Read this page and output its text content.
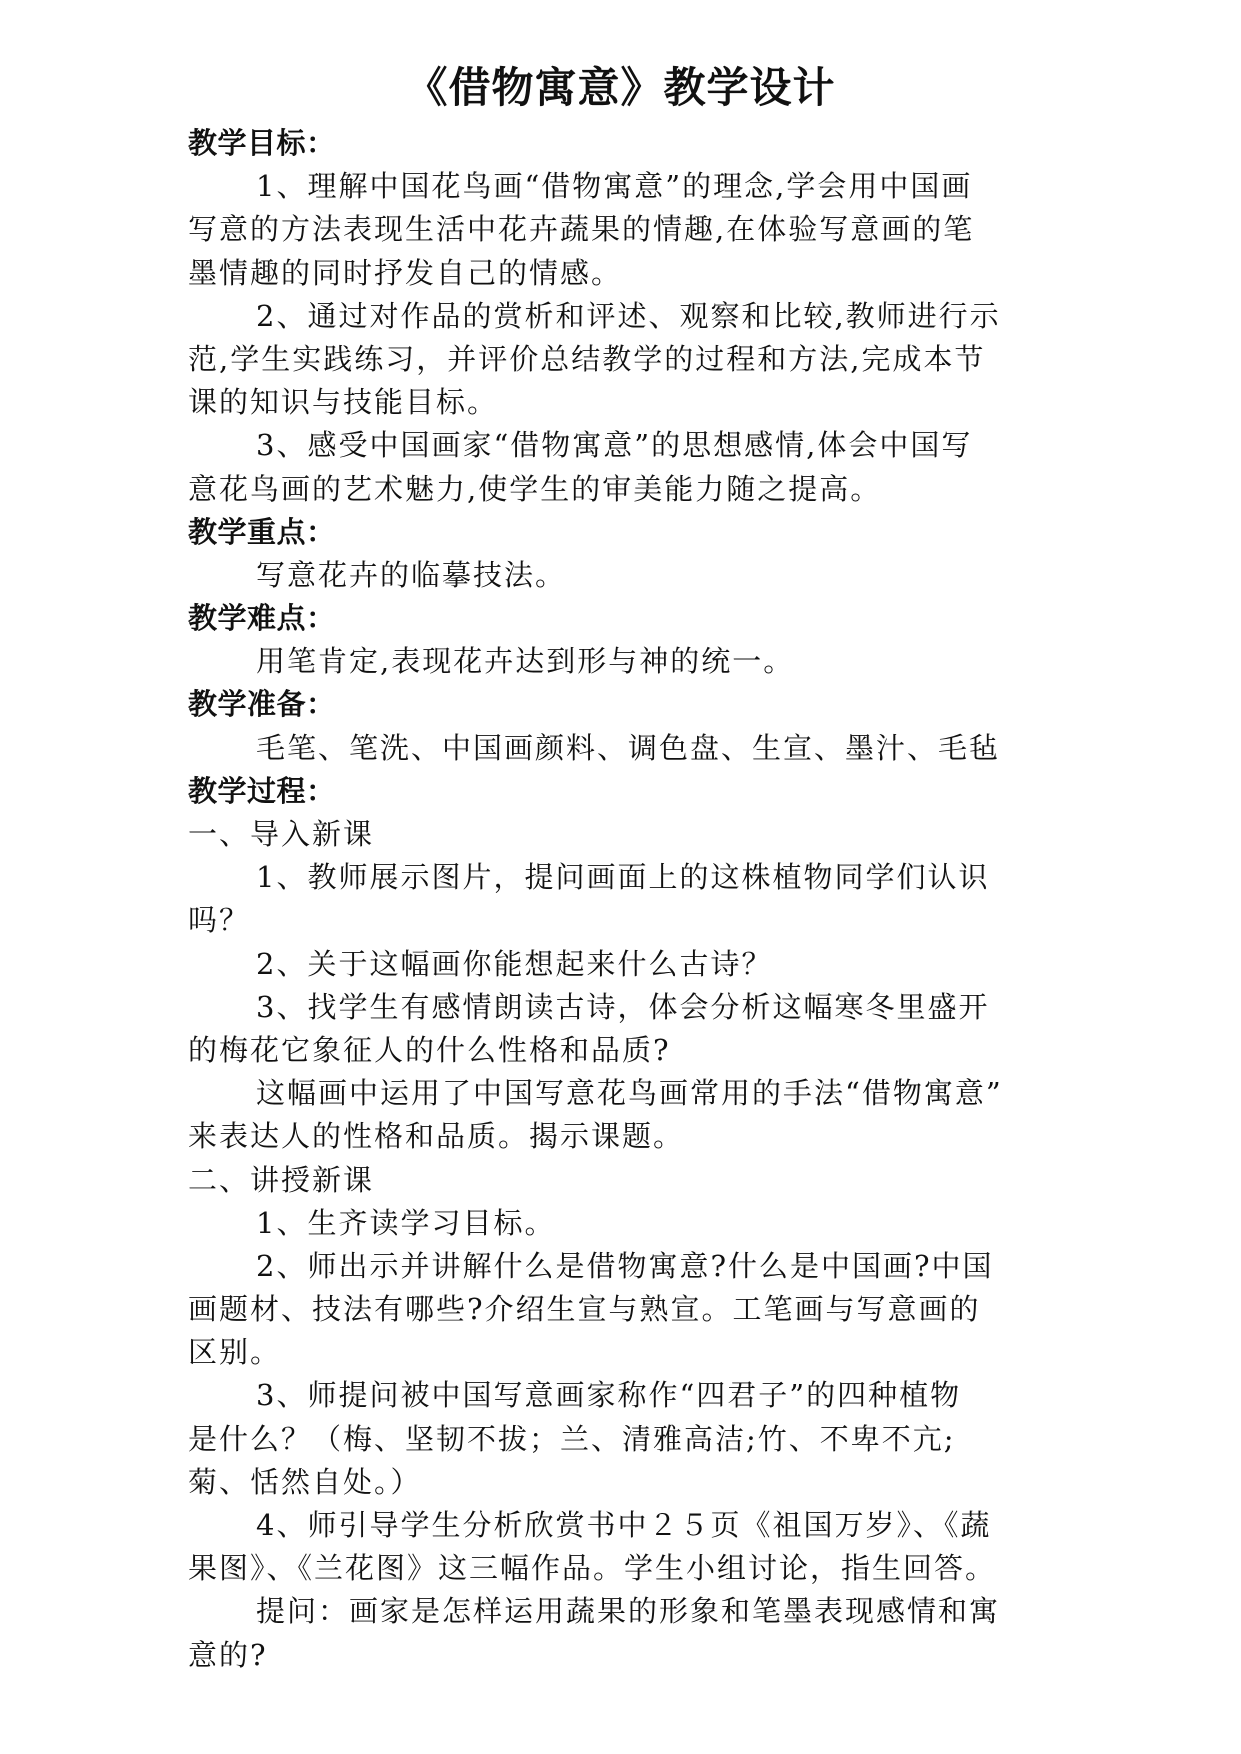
《借物寓意》教学设计
教学目标：
1、理解中国花鸟画“借物寓意”的理念,学会用中国画
写意的方法表现生活中花卉蔬果的情趣,在体验写意画的笔
墨情趣的同时抒发自己的情感。
2、通过对作品的赏析和评述、观察和比较,教师进行示
范,学生实践练习，并评价总结教学的过程和方法,完成本节
课的知识与技能目标。
3、感受中国画家“借物寓意”的思想感情,体会中国写
意花鸟画的艺术魅力,使学生的审美能力随之提高。
教学重点：
写意花卉的临摹技法。
教学难点：
用笔肯定,表现花卉达到形与神的统一。
教学准备：
毛笔、笔洗、中国画颜料、调色盘、生宣、墨汁、毛毡
教学过程：
一、导入新课
1、教师展示图片，提问画面上的这株植物同学们认识
吗？
2、关于这幅画你能想起来什么古诗？
3、找学生有感情朗读古诗，体会分析这幅寒冬里盛开
的梅花它象征人的什么性格和品质?
这幅画中运用了中国写意花鸟画常用的手法“借物寓意”
来表达人的性格和品质。揭示课题。
二、讲授新课
1、生齐读学习目标。
2、师出示并讲解什么是借物寓意?什么是中国画?中国
画题材、技法有哪些?介绍生宣与熟宣。工笔画与写意画的
区别。
3、师提问被中国写意画家称作“四君子”的四种植物
是什么？（梅、坚韧不拔；兰、清雅高洁;竹、不卑不亢;
菊、恬然自处。）
4、师引导学生分析欣赏书中２５页《祖国万岁》、《蔬
果图》、《兰花图》这三幅作品。学生小组讨论，指生回答。
提问：画家是怎样运用蔬果的形象和笔墨表现感情和寓
意的?
